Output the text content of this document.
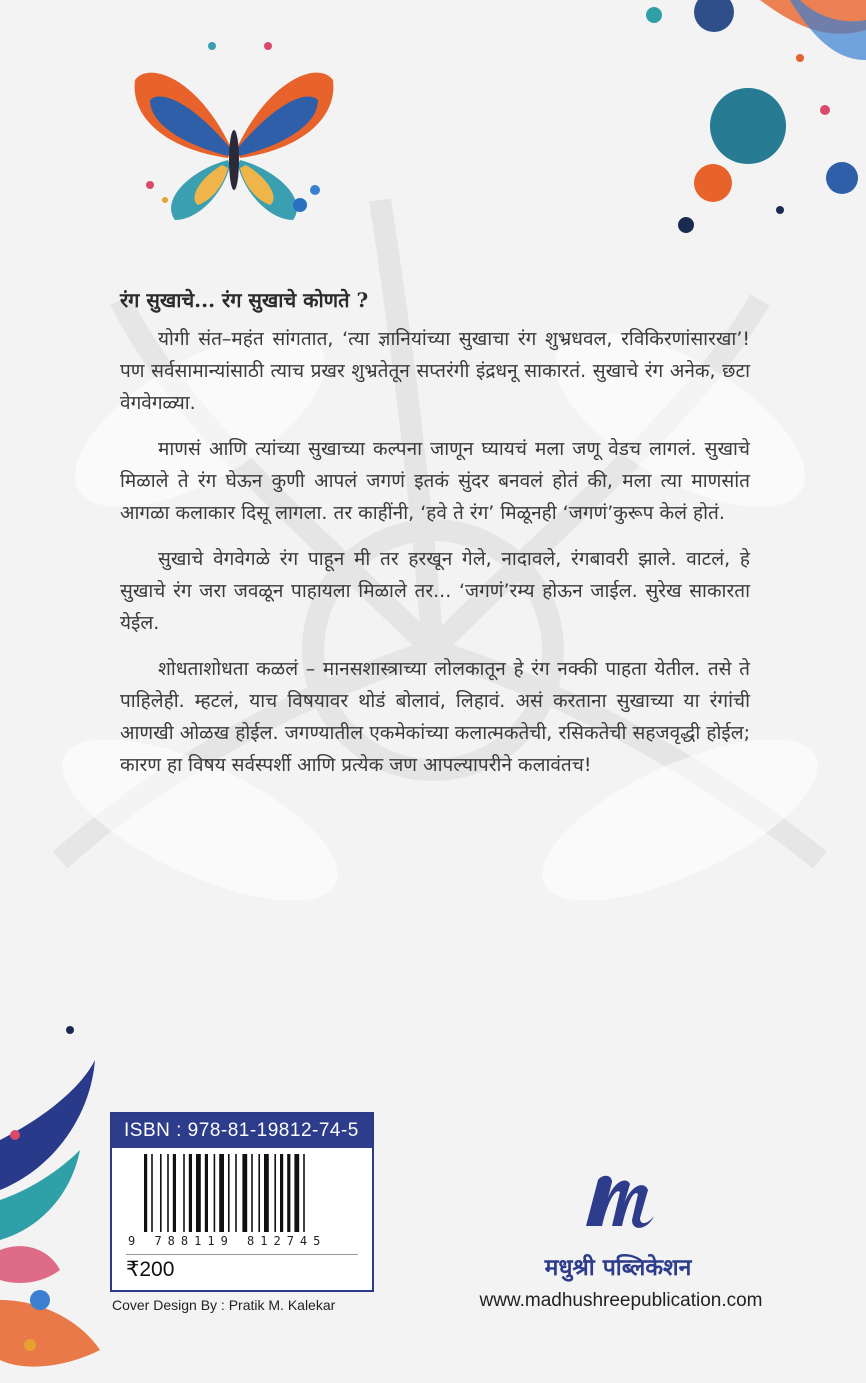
रंग सुखाचे... रंग सुखाचे कोणते ?

योगी संत–महंत सांगतात, ‘त्या ज्ञानियांच्या सुखाचा रंग शुभ्रधवल, रविकिरणांसारखा’! पण सर्वसामान्यांसाठी त्याच प्रखर शुभ्रतेतून सप्तरंगी इंद्रधनू साकारतं. सुखाचे रंग अनेक, छटा वेगवेगळ्या.

माणसं आणि त्यांच्या सुखाच्या कल्पना जाणून घ्यायचं मला जणू वेडच लागलं. सुखाचे मिळाले ते रंग घेऊन कुणी आपलं जगणं इतकं सुंदर बनवलं होतं की, मला त्या माणसांत आगळा कलाकार दिसू लागला. तर काहींनी, ‘हवे ते रंग’ मिळूनही ‘जगणं’कुरूप केलं होतं.

सुखाचे वेगवेगळे रंग पाहून मी तर हरखून गेले, नादावले, रंगबावरी झाले. वाटलं, हे सुखाचे रंग जरा जवळून पाहायला मिळाले तर... ‘जगणं’रम्य होऊन जाईल. सुरेख साकारता येईल.

शोधताशोधता कळलं – मानसशास्त्राच्या लोलकातून हे रंग नक्की पाहता येतील. तसे ते पाहिलेही. म्हटलं, याच विषयावर थोडं बोलावं, लिहावं. असं करताना सुखाच्या या रंगांची आणखी ओळख होईल. जगण्यातील एकमेकांच्या कलात्मकतेची, रसिकतेची सहजवृद्धी होईल; कारण हा विषय सर्वस्पर्शी आणि प्रत्येक जण आपल्यापरीने कलावंतच!

ISBN : 978-81-19812-74-5
9 788119 812745
₹200
Cover Design By : Pratik M. Kalekar
मधुश्री पब्लिकेशन
www.madhushreepublication.com
